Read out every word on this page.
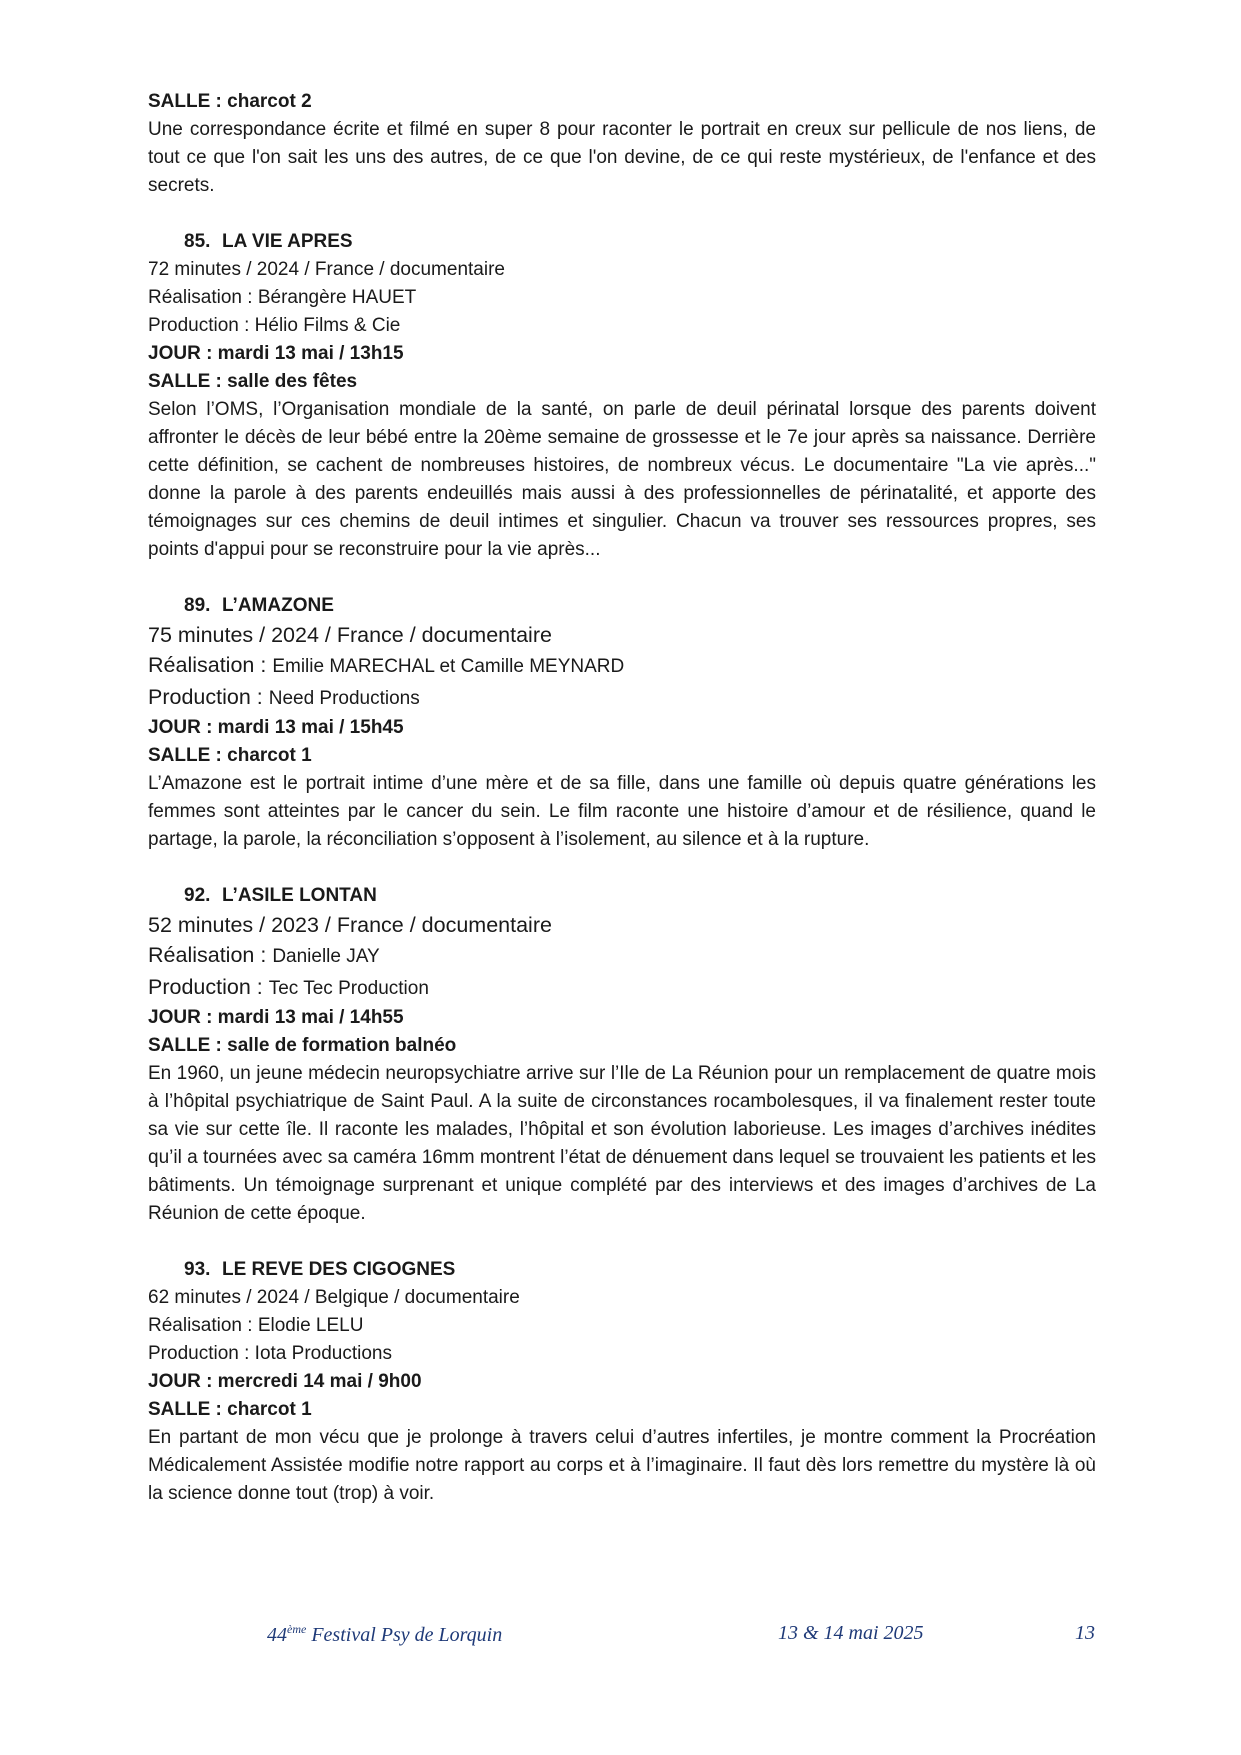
SALLE : charcot 2

Une correspondance écrite et filmé en super 8 pour raconter le portrait en creux sur pellicule de nos liens, de tout ce que l'on sait les uns des autres, de ce que l'on devine, de ce qui reste mystérieux, de l'enfance et des secrets.

85. LA VIE APRES

72 minutes / 2024 / France / documentaire

Réalisation : Bérangère HAUET

Production : Hélio Films & Cie

JOUR : mardi 13 mai / 13h15

SALLE : salle des fêtes

Selon l’OMS, l’Organisation mondiale de la santé, on parle de deuil périnatal lorsque des parents doivent affronter le décès de leur bébé entre la 20ème semaine de grossesse et le 7e jour après sa naissance. Derrière cette définition, se cachent de nombreuses histoires, de nombreux vécus. Le documentaire "La vie après..." donne la parole à des parents endeuillés mais aussi à des professionnelles de périnatalité, et apporte des témoignages sur ces chemins de deuil intimes et singulier. Chacun va trouver ses ressources propres, ses points d'appui pour se reconstruire pour la vie après...

89. L’AMAZONE

75 minutes / 2024 / France / documentaire

Réalisation : Emilie MARECHAL et Camille MEYNARD

Production : Need Productions

JOUR : mardi 13 mai / 15h45

SALLE : charcot 1

L’Amazone est le portrait intime d’une mère et de sa fille, dans une famille où depuis quatre générations les femmes sont atteintes par le cancer du sein. Le film raconte une histoire d’amour et de résilience, quand le partage, la parole, la réconciliation s’opposent à l’isolement, au silence et à la rupture.

92. L’ASILE LONTAN

52 minutes / 2023 / France / documentaire

Réalisation : Danielle JAY

Production : Tec Tec Production

JOUR : mardi 13 mai / 14h55

SALLE : salle de formation balnéo

En 1960, un jeune médecin neuropsychiatre arrive sur l’Ile de La Réunion pour un remplacement de quatre mois à l’hôpital psychiatrique de Saint Paul. A la suite de circonstances rocambolesques, il va finalement rester toute sa vie sur cette île. Il raconte les malades, l’hôpital et son évolution laborieuse. Les images d’archives inédites qu’il a tournées avec sa caméra 16mm montrent l’état de dénuement dans lequel se trouvaient les patients et les bâtiments. Un témoignage surprenant et unique complété par des interviews et des images d’archives de La Réunion de cette époque.

93. LE REVE DES CIGOGNES

62 minutes / 2024 / Belgique / documentaire

Réalisation : Elodie LELU

Production : Iota Productions

JOUR : mercredi 14 mai / 9h00

SALLE : charcot 1

En partant de mon vécu que je prolonge à travers celui d’autres infertiles, je montre comment la Procréation Médicalement Assistée modifie notre rapport au corps et à l’imaginaire. Il faut dès lors remettre du mystère là où la science donne tout (trop) à voir.

44ème Festival Psy de Lorquin	13 & 14 mai 2025	13
